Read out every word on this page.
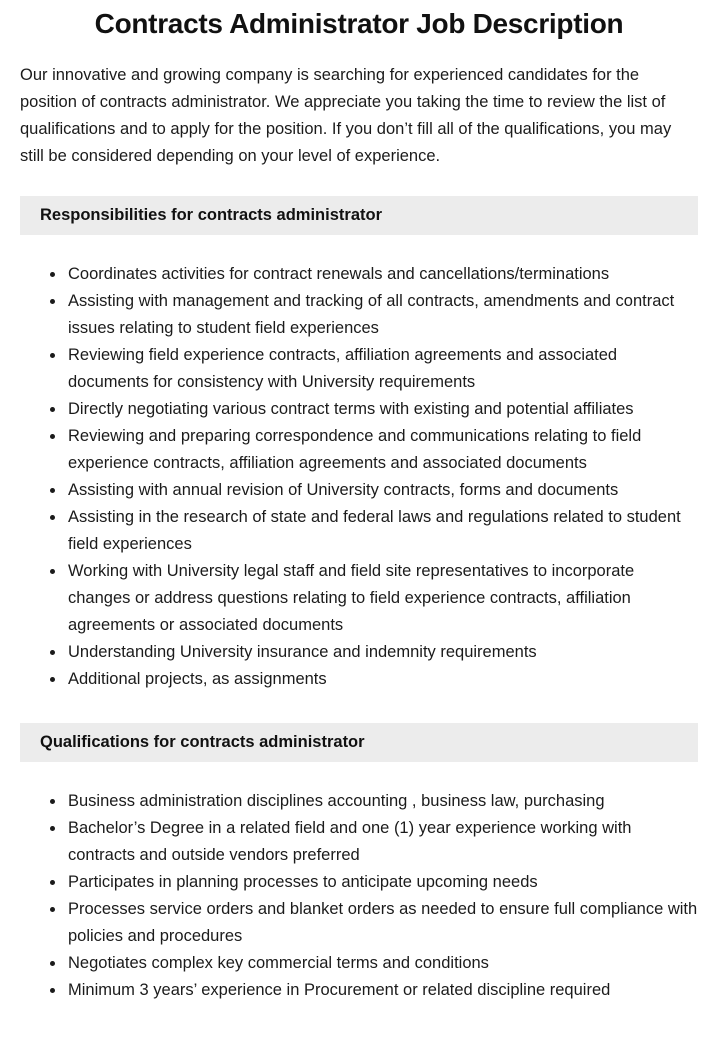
Contracts Administrator Job Description

Our innovative and growing company is searching for experienced candidates for the position of contracts administrator. We appreciate you taking the time to review the list of qualifications and to apply for the position. If you don’t fill all of the qualifications, you may still be considered depending on your level of experience.

Responsibilities for contracts administrator
• Coordinates activities for contract renewals and cancellations/terminations
• Assisting with management and tracking of all contracts, amendments and contract issues relating to student field experiences
• Reviewing field experience contracts, affiliation agreements and associated documents for consistency with University requirements
• Directly negotiating various contract terms with existing and potential affiliates
• Reviewing and preparing correspondence and communications relating to field experience contracts, affiliation agreements and associated documents
• Assisting with annual revision of University contracts, forms and documents
• Assisting in the research of state and federal laws and regulations related to student field experiences
• Working with University legal staff and field site representatives to incorporate changes or address questions relating to field experience contracts, affiliation agreements or associated documents
• Understanding University insurance and indemnity requirements
• Additional projects, as assignments
Qualifications for contracts administrator
• Business administration disciplines accounting , business law, purchasing
• Bachelor’s Degree in a related field and one (1) year experience working with contracts and outside vendors preferred
• Participates in planning processes to anticipate upcoming needs
• Processes service orders and blanket orders as needed to ensure full compliance with policies and procedures
• Negotiates complex key commercial terms and conditions
• Minimum 3 years’ experience in Procurement or related discipline required
